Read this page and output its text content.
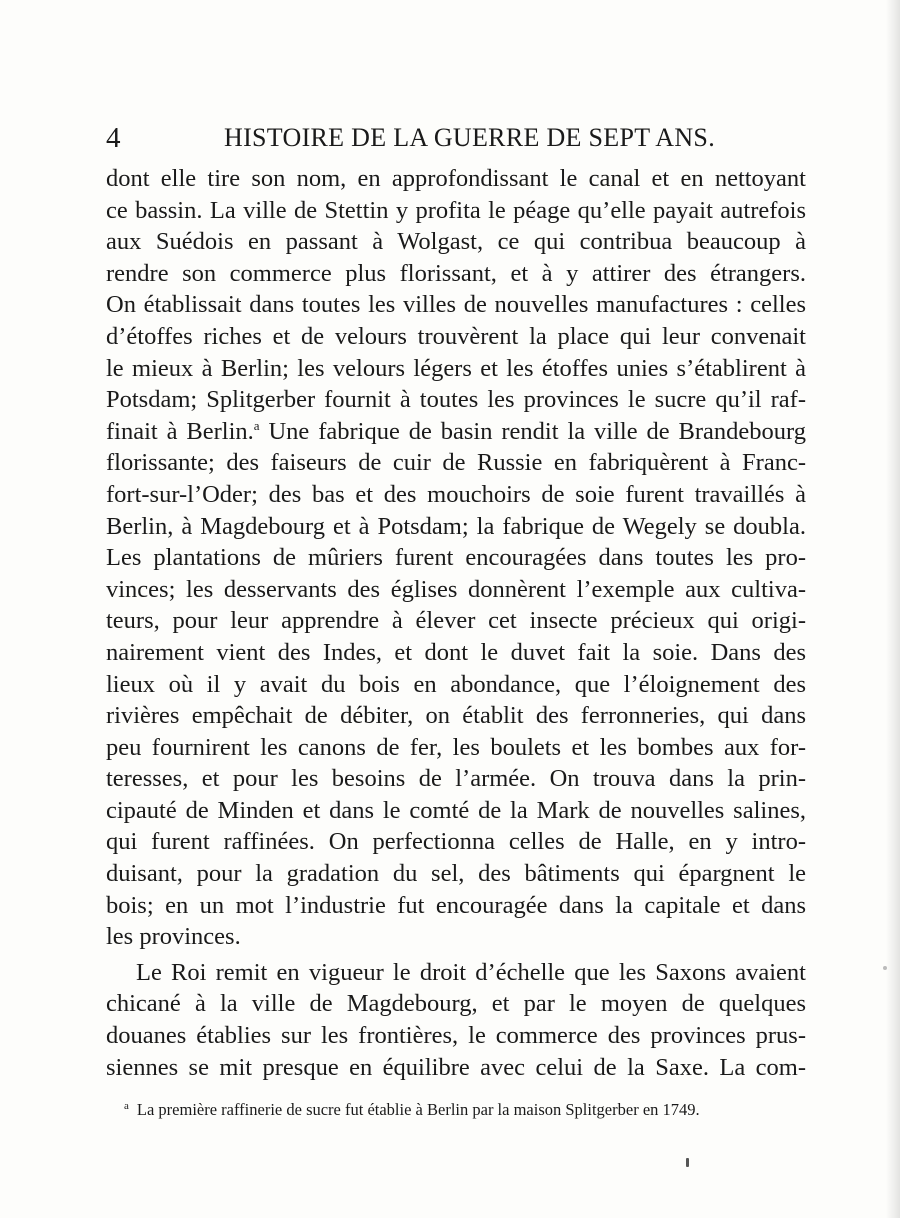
4	HISTOIRE DE LA GUERRE DE SEPT ANS.
dont elle tire son nom, en approfondissant le canal et en nettoyant
ce bassin. La ville de Stettin y profita le péage qu’elle payait autrefois
aux Suédois en passant à Wolgast, ce qui contribua beaucoup à
rendre son commerce plus florissant, et à y attirer des étrangers.
On établissait dans toutes les villes de nouvelles manufactures : celles
d’étoffes riches et de velours trouvèrent la place qui leur convenait
le mieux à Berlin; les velours légers et les étoffes unies s’établirent à
Potsdam; Splitgerber fournit à toutes les provinces le sucre qu’il raf-
finait à Berlin.$^a$ Une fabrique de basin rendit la ville de Brandebourg
florissante; des faiseurs de cuir de Russie en fabriquèrent à Franc-
fort-sur-l’Oder; des bas et des mouchoirs de soie furent travaillés à
Berlin, à Magdebourg et à Potsdam; la fabrique de Wegely se doubla.
Les plantations de mûriers furent encouragées dans toutes les pro-
vinces; les desservants des églises donnèrent l’exemple aux cultiva-
teurs, pour leur apprendre à élever cet insecte précieux qui origi-
nairement vient des Indes, et dont le duvet fait la soie. Dans des
lieux où il y avait du bois en abondance, que l’éloignement des
rivières empêchait de débiter, on établit des ferronneries, qui dans
peu fournirent les canons de fer, les boulets et les bombes aux for-
teresses, et pour les besoins de l’armée. On trouva dans la prin-
cipauté de Minden et dans le comté de la Mark de nouvelles salines,
qui furent raffinées. On perfectionna celles de Halle, en y intro-
duisant, pour la gradation du sel, des bâtiments qui épargnent le
bois; en un mot l’industrie fut encouragée dans la capitale et dans
les provinces.
Le Roi remit en vigueur le droit d’échelle que les Saxons avaient
chicané à la ville de Magdebourg, et par le moyen de quelques
douanes établies sur les frontières, le commerce des provinces prus-
siennes se mit presque en équilibre avec celui de la Saxe. La com-
$^a$ La première raffinerie de sucre fut établie à Berlin par la maison Splitgerber en 1749.
